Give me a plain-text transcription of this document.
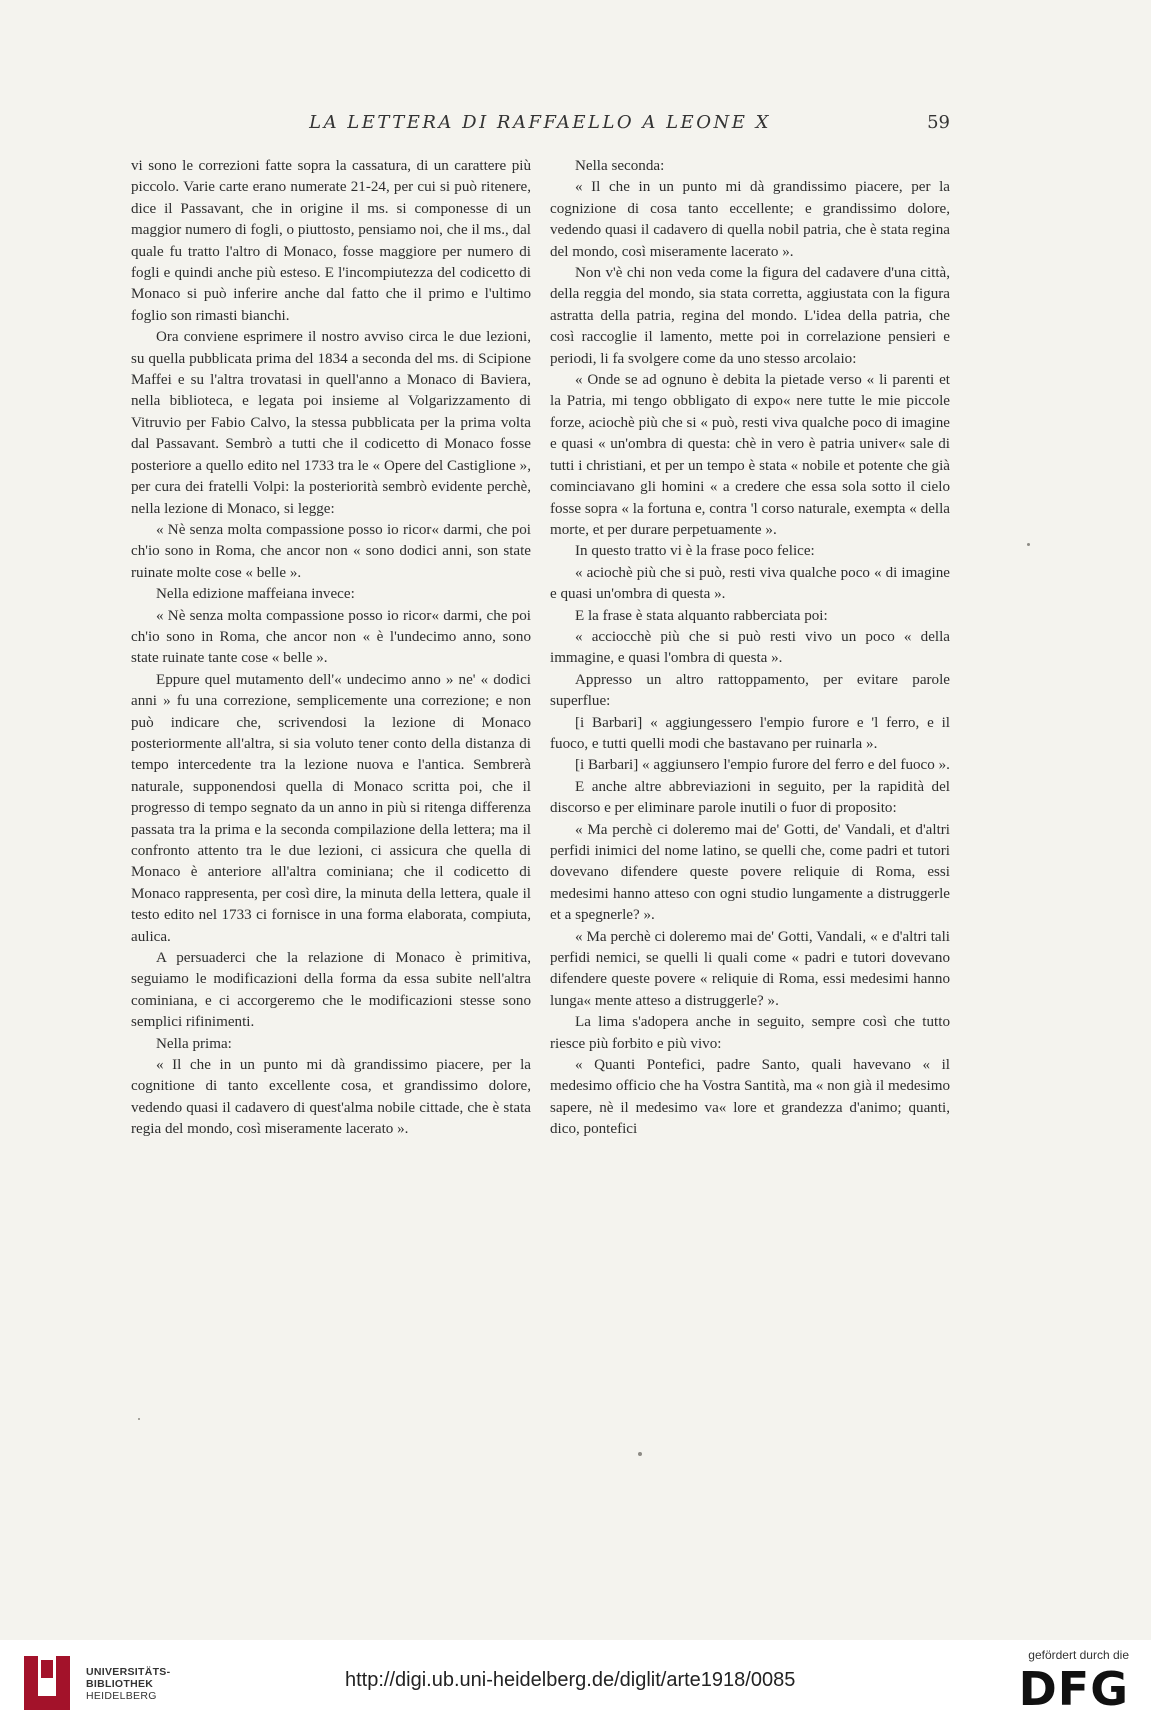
LA LETTERA DI RAFFAELLO A LEONE X	59

vi sono le correzioni fatte sopra la cassatura, di un carattere più piccolo. Varie carte erano numerate 21-24, per cui si può ritenere, dice il Passavant, che in origine il ms. si componesse di un maggior numero di fogli, o piuttosto, pensiamo noi, che il ms., dal quale fu tratto l'altro di Monaco, fosse maggiore per numero di fogli e quindi anche più esteso. E l'incompiutezza del codicetto di Monaco si può inferire anche dal fatto che il primo e l'ultimo foglio son rimasti bianchi.

Ora conviene esprimere il nostro avviso circa le due lezioni, su quella pubblicata prima del 1834 a seconda del ms. di Scipione Maffei e su l'altra trovatasi in quell'anno a Monaco di Baviera, nella biblioteca, e legata poi insieme al Volgarizzamento di Vitruvio per Fabio Calvo, la stessa pubblicata per la prima volta dal Passavant. Sembrò a tutti che il codicetto di Monaco fosse posteriore a quello edito nel 1733 tra le « Opere del Castiglione », per cura dei fratelli Volpi: la posteriorità sembrò evidente perchè, nella lezione di Monaco, si legge:

« Nè senza molta compassione posso io ricor« darmi, che poi ch'io sono in Roma, che ancor non « sono dodici anni, son state ruinate molte cose « belle ».

Nella edizione maffeiana invece:

« Nè senza molta compassione posso io ricor« darmi, che poi ch'io sono in Roma, che ancor non « è l'undecimo anno, sono state ruinate tante cose « belle ».

Eppure quel mutamento dell'« undecimo anno » ne' « dodici anni » fu una correzione, semplicemente una correzione; e non può indicare che, scrivendosi la lezione di Monaco posteriormente all'altra, si sia voluto tener conto della distanza di tempo intercedente tra la lezione nuova e l'antica. Sembrerà naturale, supponendosi quella di Monaco scritta poi, che il progresso di tempo segnato da un anno in più si ritenga differenza passata tra la prima e la seconda compilazione della lettera; ma il confronto attento tra le due lezioni, ci assicura che quella di Monaco è anteriore all'altra cominiana; che il codicetto di Monaco rappresenta, per così dire, la minuta della lettera, quale il testo edito nel 1733 ci fornisce in una forma elaborata, compiuta, aulica.

A persuaderci che la relazione di Monaco è primitiva, seguiamo le modificazioni della forma da essa subite nell'altra cominiana, e ci accorgeremo che le modificazioni stesse sono semplici rifinimenti.

Nella prima:

« Il che in un punto mi dà grandissimo piacere, per la cognitione di tanto excellente cosa, et grandissimo dolore, vedendo quasi il cadavero di quest'alma nobile cittade, che è stata regia del mondo, così miseramente lacerato ».

Nella seconda:

« Il che in un punto mi dà grandissimo piacere, per la cognizione di cosa tanto eccellente; e grandissimo dolore, vedendo quasi il cadavero di quella nobil patria, che è stata regina del mondo, così miseramente lacerato ».

Non v'è chi non veda come la figura del cadavere d'una città, della reggia del mondo, sia stata corretta, aggiustata con la figura astratta della patria, regina del mondo. L'idea della patria, che così raccoglie il lamento, mette poi in correlazione pensieri e periodi, li fa svolgere come da uno stesso arcolaio:

« Onde se ad ognuno è debita la pietade verso « li parenti et la Patria, mi tengo obbligato di expo« nere tutte le mie piccole forze, aciochè più che si « può, resti viva qualche poco di imagine e quasi « un'ombra di questa: chè in vero è patria univer« sale di tutti i christiani, et per un tempo è stata « nobile et potente che già cominciavano gli homini « a credere che essa sola sotto il cielo fosse sopra « la fortuna e, contra 'l corso naturale, exempta « della morte, et per durare perpetuamente ».

In questo tratto vi è la frase poco felice:

« aciochè più che si può, resti viva qualche poco « di imagine e quasi un'ombra di questa ».

E la frase è stata alquanto rabberciata poi:

« acciocchè più che si può resti vivo un poco « della immagine, e quasi l'ombra di questa ».

Appresso un altro rattoppamento, per evitare parole superflue:

[i Barbari] « aggiungessero l'empio furore e 'l ferro, e il fuoco, e tutti quelli modi che bastavano per ruinarla ».

[i Barbari] « aggiunsero l'empio furore del ferro e del fuoco ».

E anche altre abbreviazioni in seguito, per la rapidità del discorso e per eliminare parole inutili o fuor di proposito:

« Ma perchè ci doleremo mai de' Gotti, de' Vandali, et d'altri perfidi inimici del nome latino, se quelli che, come padri et tutori dovevano difendere queste povere reliquie di Roma, essi medesimi hanno atteso con ogni studio lungamente a distruggerle et a spegnerle? ».

« Ma perchè ci doleremo mai de' Gotti, Vandali, « e d'altri tali perfidi nemici, se quelli li quali come « padri e tutori dovevano difendere queste povere « reliquie di Roma, essi medesimi hanno lunga« mente atteso a distruggerle? ».

La lima s'adopera anche in seguito, sempre così che tutto riesce più forbito e più vivo:

« Quanti Pontefici, padre Santo, quali havevano « il medesimo officio che ha Vostra Santità, ma « non già il medesimo sapere, nè il medesimo va« lore et grandezza d'animo; quanti, dico, pontefici

UNIVERSITÄTS-
BIBLIOTHEK
HEIDELBERG
http://digi.ub.uni-heidelberg.de/diglit/arte1918/0085
gefördert durch die
DFG
